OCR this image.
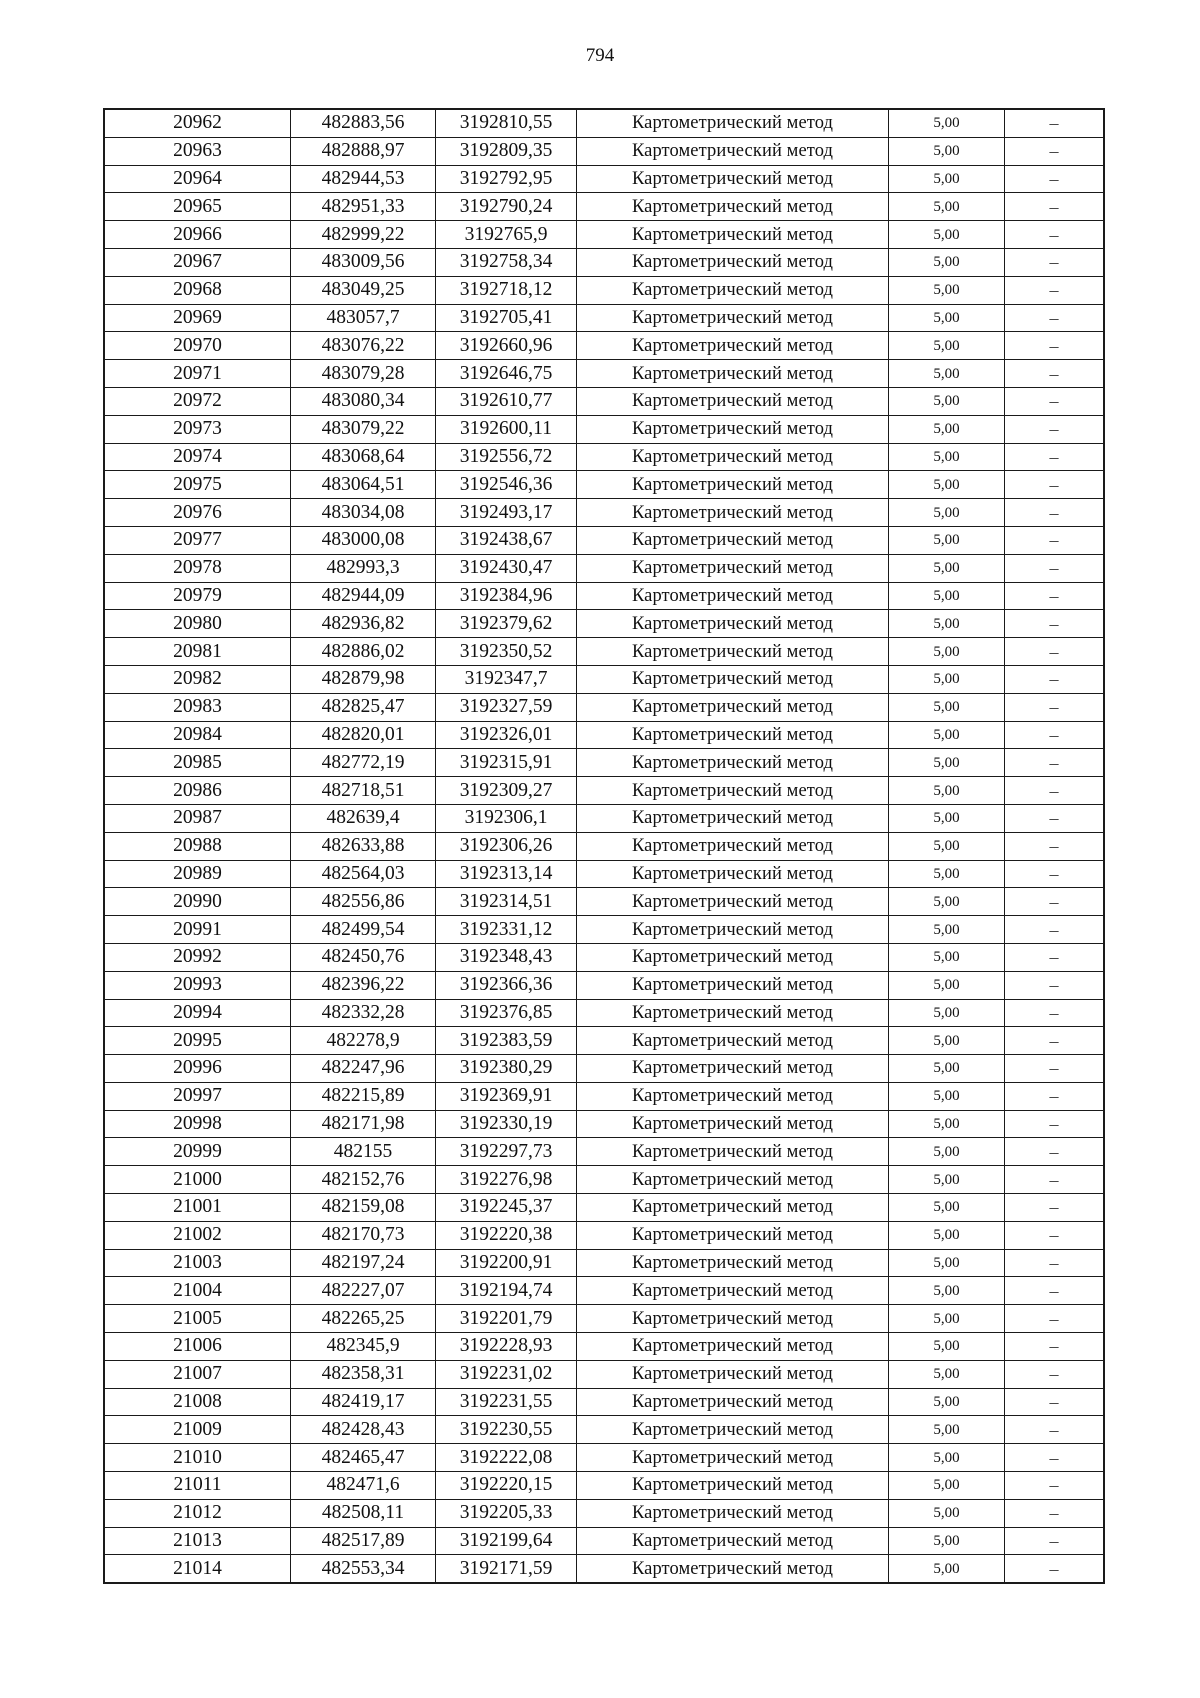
794
20962	482883,56	3192810,55	Картометрический метод	5,00	–
20963	482888,97	3192809,35	Картометрический метод	5,00	–
20964	482944,53	3192792,95	Картометрический метод	5,00	–
20965	482951,33	3192790,24	Картометрический метод	5,00	–
20966	482999,22	3192765,9	Картометрический метод	5,00	–
20967	483009,56	3192758,34	Картометрический метод	5,00	–
20968	483049,25	3192718,12	Картометрический метод	5,00	–
20969	483057,7	3192705,41	Картометрический метод	5,00	–
20970	483076,22	3192660,96	Картометрический метод	5,00	–
20971	483079,28	3192646,75	Картометрический метод	5,00	–
20972	483080,34	3192610,77	Картометрический метод	5,00	–
20973	483079,22	3192600,11	Картометрический метод	5,00	–
20974	483068,64	3192556,72	Картометрический метод	5,00	–
20975	483064,51	3192546,36	Картометрический метод	5,00	–
20976	483034,08	3192493,17	Картометрический метод	5,00	–
20977	483000,08	3192438,67	Картометрический метод	5,00	–
20978	482993,3	3192430,47	Картометрический метод	5,00	–
20979	482944,09	3192384,96	Картометрический метод	5,00	–
20980	482936,82	3192379,62	Картометрический метод	5,00	–
20981	482886,02	3192350,52	Картометрический метод	5,00	–
20982	482879,98	3192347,7	Картометрический метод	5,00	–
20983	482825,47	3192327,59	Картометрический метод	5,00	–
20984	482820,01	3192326,01	Картометрический метод	5,00	–
20985	482772,19	3192315,91	Картометрический метод	5,00	–
20986	482718,51	3192309,27	Картометрический метод	5,00	–
20987	482639,4	3192306,1	Картометрический метод	5,00	–
20988	482633,88	3192306,26	Картометрический метод	5,00	–
20989	482564,03	3192313,14	Картометрический метод	5,00	–
20990	482556,86	3192314,51	Картометрический метод	5,00	–
20991	482499,54	3192331,12	Картометрический метод	5,00	–
20992	482450,76	3192348,43	Картометрический метод	5,00	–
20993	482396,22	3192366,36	Картометрический метод	5,00	–
20994	482332,28	3192376,85	Картометрический метод	5,00	–
20995	482278,9	3192383,59	Картометрический метод	5,00	–
20996	482247,96	3192380,29	Картометрический метод	5,00	–
20997	482215,89	3192369,91	Картометрический метод	5,00	–
20998	482171,98	3192330,19	Картометрический метод	5,00	–
20999	482155	3192297,73	Картометрический метод	5,00	–
21000	482152,76	3192276,98	Картометрический метод	5,00	–
21001	482159,08	3192245,37	Картометрический метод	5,00	–
21002	482170,73	3192220,38	Картометрический метод	5,00	–
21003	482197,24	3192200,91	Картометрический метод	5,00	–
21004	482227,07	3192194,74	Картометрический метод	5,00	–
21005	482265,25	3192201,79	Картометрический метод	5,00	–
21006	482345,9	3192228,93	Картометрический метод	5,00	–
21007	482358,31	3192231,02	Картометрический метод	5,00	–
21008	482419,17	3192231,55	Картометрический метод	5,00	–
21009	482428,43	3192230,55	Картометрический метод	5,00	–
21010	482465,47	3192222,08	Картометрический метод	5,00	–
21011	482471,6	3192220,15	Картометрический метод	5,00	–
21012	482508,11	3192205,33	Картометрический метод	5,00	–
21013	482517,89	3192199,64	Картометрический метод	5,00	–
21014	482553,34	3192171,59	Картометрический метод	5,00	–
